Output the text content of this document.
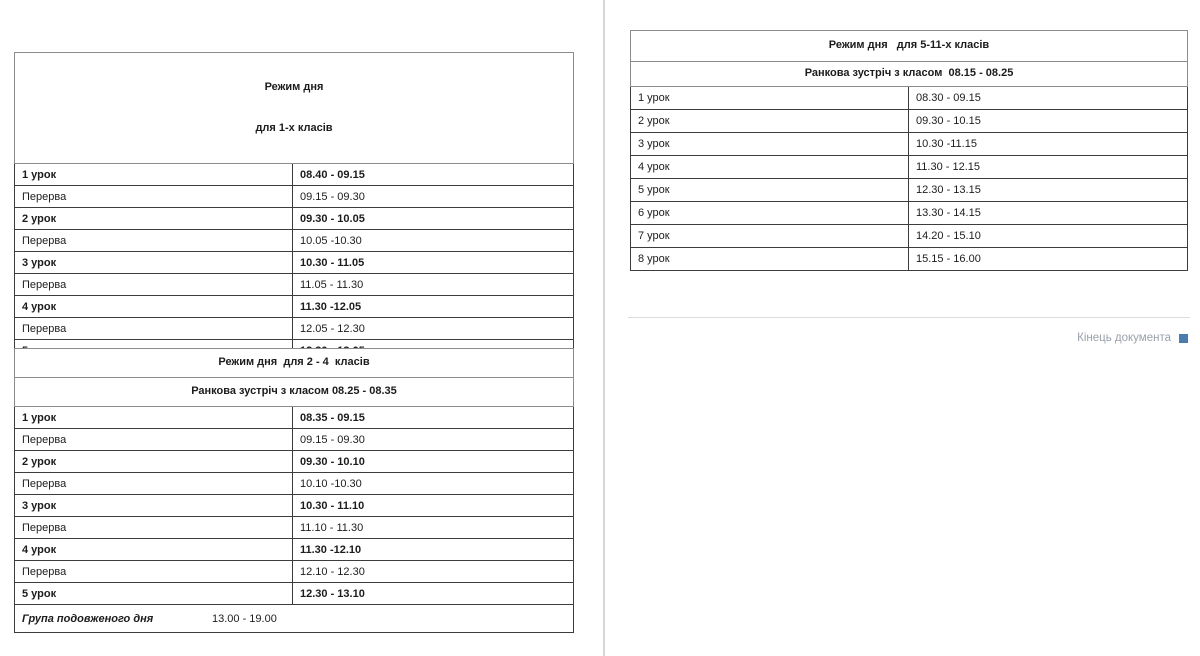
Режим дня

для 1-х класів	

1 урок	08.40 - 09.15
Перерва	09.15 - 09.30
2 урок	09.30 - 10.05
Перерва	10.05 -10.30
3 урок	10.30 - 11.05
Перерва	11.05 - 11.30
4 урок	11.30 -12.05
Перерва	12.05 - 12.30

Режим дня  для 2 - 4  класів	
Ранкова зустріч з класом 08.25 - 08.35	
1 урок	08.35 - 09.15
Перерва	09.15 - 09.30
2 урок	09.30 - 10.10
Перерва	10.10 -10.30
3 урок	10.30 - 11.10
Перерва	11.10 - 11.30
4 урок	11.30 -12.10
Перерва	12.10 - 12.30
5 урок	12.30 - 13.10
Група подовженого дня 13.00 - 19.00	
Режим дня   для 5-11-х класів	
Ранкова зустріч з класом  08.15 - 08.25	
1 урок	08.30 - 09.15
2 урок	09.30 - 10.15
3 урок	10.30 -11.15
4 урок	11.30 - 12.15
5 урок	12.30 - 13.15
6 урок	13.30 - 14.15
7 урок	14.20 - 15.10
8 урок	15.15 - 16.00
Кінець документа
